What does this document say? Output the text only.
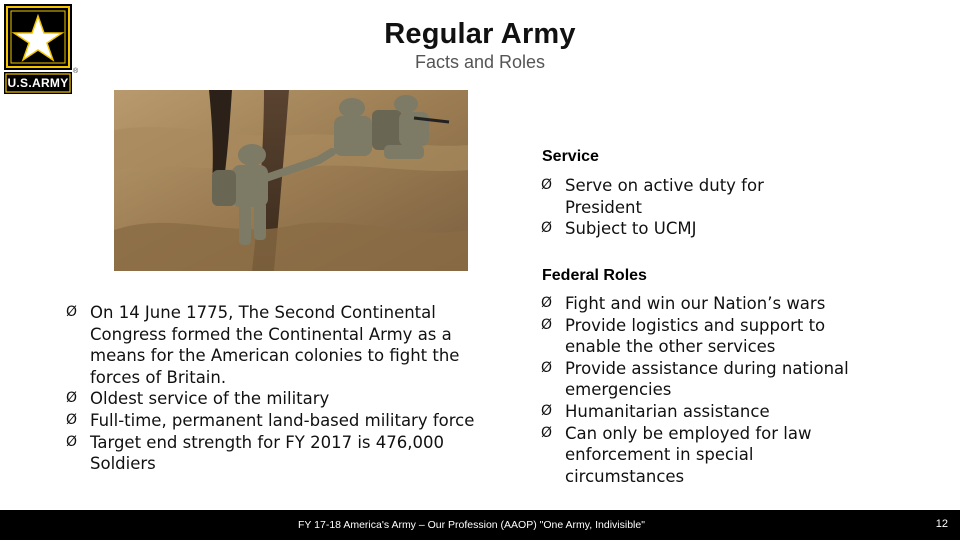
U.S.ARMY
®
Regular Army
Facts and Roles
Ø On 14 June 1775, The Second Continental Congress formed the Continental Army as a means for the American colonies to fight the forces of Britain.
Ø Oldest service of the military
Ø Full-time, permanent land-based military force
Ø Target end strength for FY 2017 is 476,000 Soldiers
Service
Ø Serve on active duty for President
Ø Subject to UCMJ
Federal Roles
Ø Fight and win our Nation’s wars
Ø Provide logistics and support to enable the other services
Ø Provide assistance during national emergencies
Ø Humanitarian assistance
Ø Can only be employed for law enforcement in special circumstances
FY 17-18 America's Army – Our Profession (AAOP) "One Army, Indivisible"	12
